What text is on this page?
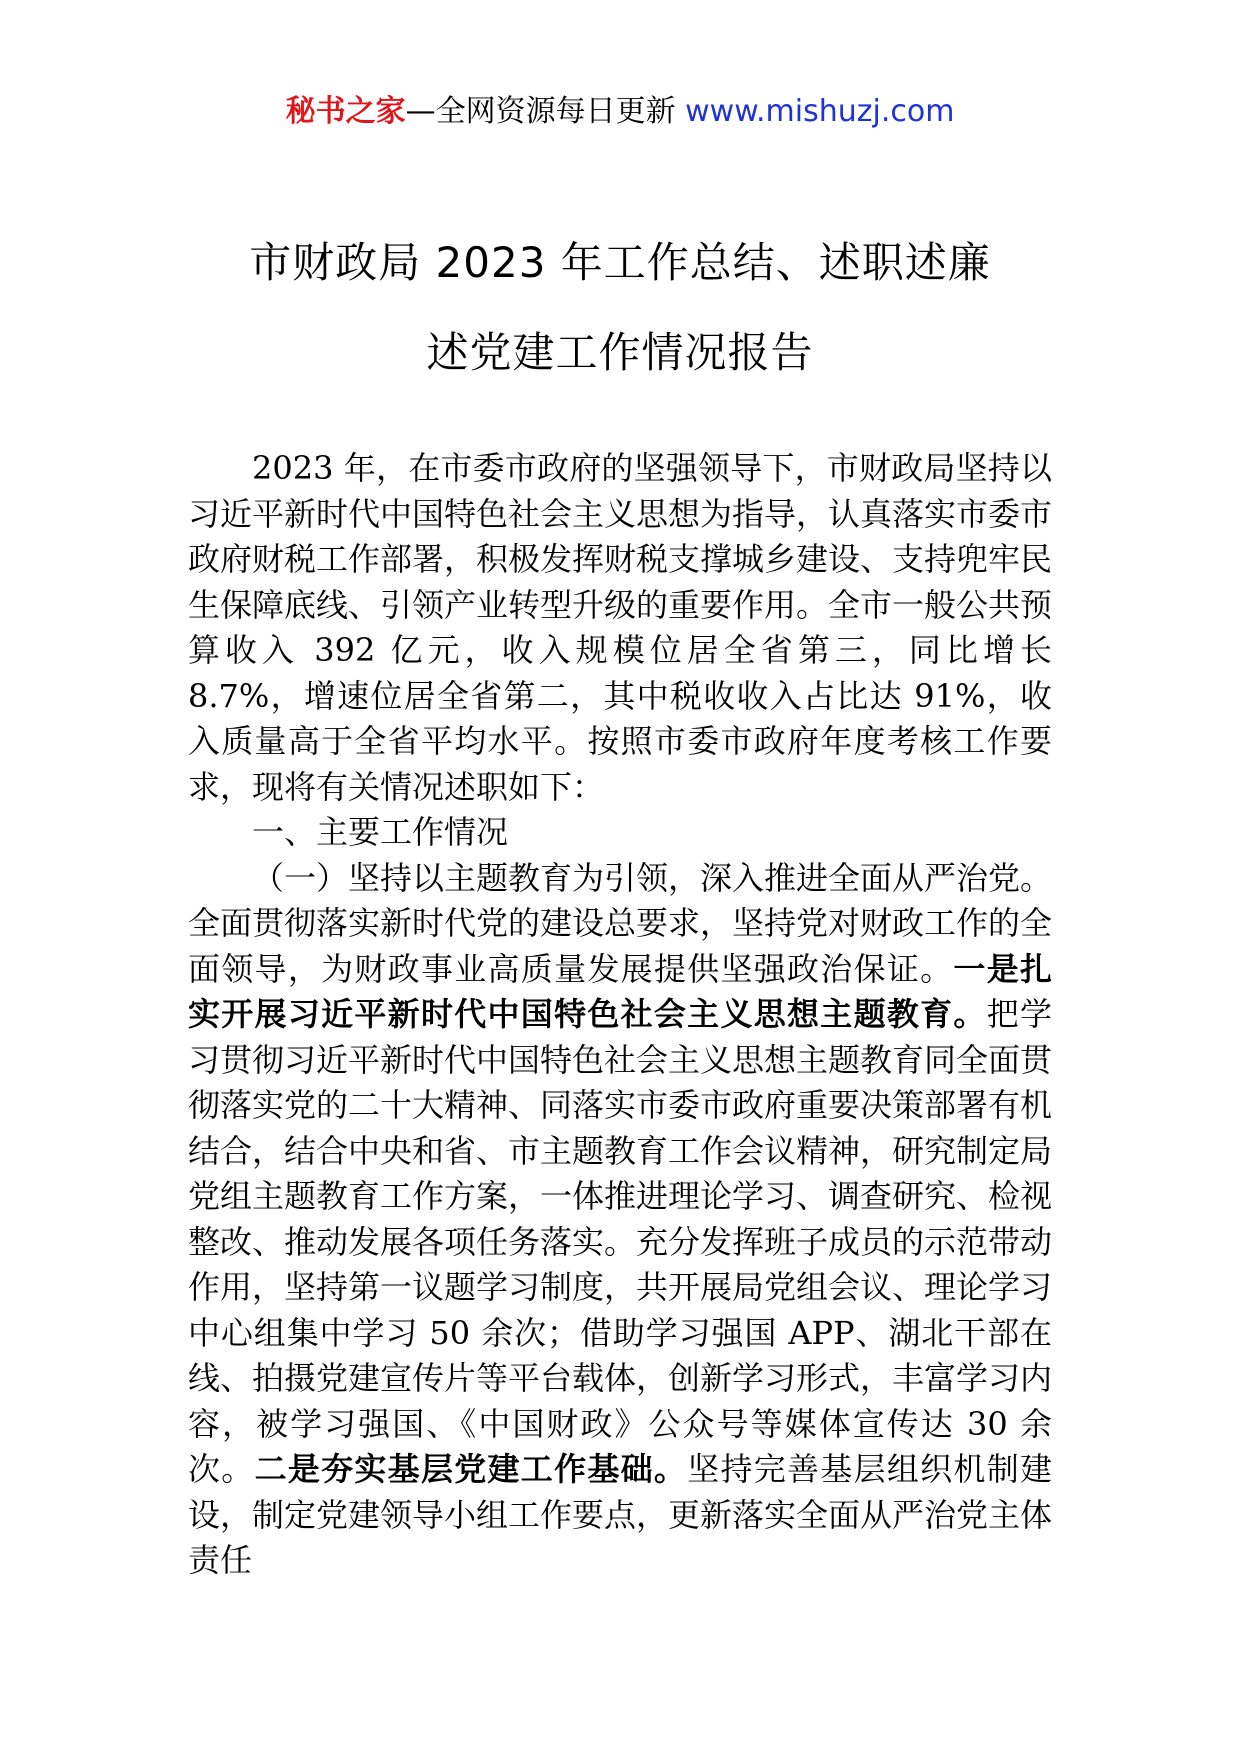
秘书之家—全网资源每日更新 www.mishuzj.com
市财政局 2023 年工作总结、述职述廉
述党建工作情况报告

2023 年，在市委市政府的坚强领导下，市财政局坚持以习近平新时代中国特色社会主义思想为指导，认真落实市委市政府财税工作部署，积极发挥财税支撑城乡建设、支持兜牢民生保障底线、引领产业转型升级的重要作用。全市一般公共预算收入 392 亿元，收入规模位居全省第三，同比增长 8.7%，增速位居全省第二，其中税收收入占比达 91%，收入质量高于全省平均水平。按照市委市政府年度考核工作要求，现将有关情况述职如下：

一、主要工作情况

（一）坚持以主题教育为引领，深入推进全面从严治党。全面贯彻落实新时代党的建设总要求，坚持党对财政工作的全面领导，为财政事业高质量发展提供坚强政治保证。一是扎实开展习近平新时代中国特色社会主义思想主题教育。把学习贯彻习近平新时代中国特色社会主义思想主题教育同全面贯彻落实党的二十大精神、同落实市委市政府重要决策部署有机结合，结合中央和省、市主题教育工作会议精神，研究制定局党组主题教育工作方案，一体推进理论学习、调查研究、检视整改、推动发展各项任务落实。充分发挥班子成员的示范带动作用，坚持第一议题学习制度，共开展局党组会议、理论学习中心组集中学习 50 余次；借助学习强国 APP、湖北干部在线、拍摄党建宣传片等平台载体，创新学习形式，丰富学习内容，被学习强国、《中国财政》公众号等媒体宣传达 30 余次。二是夯实基层党建工作基础。坚持完善基层组织机制建设，制定党建领导小组工作要点，更新落实全面从严治党主体责任
